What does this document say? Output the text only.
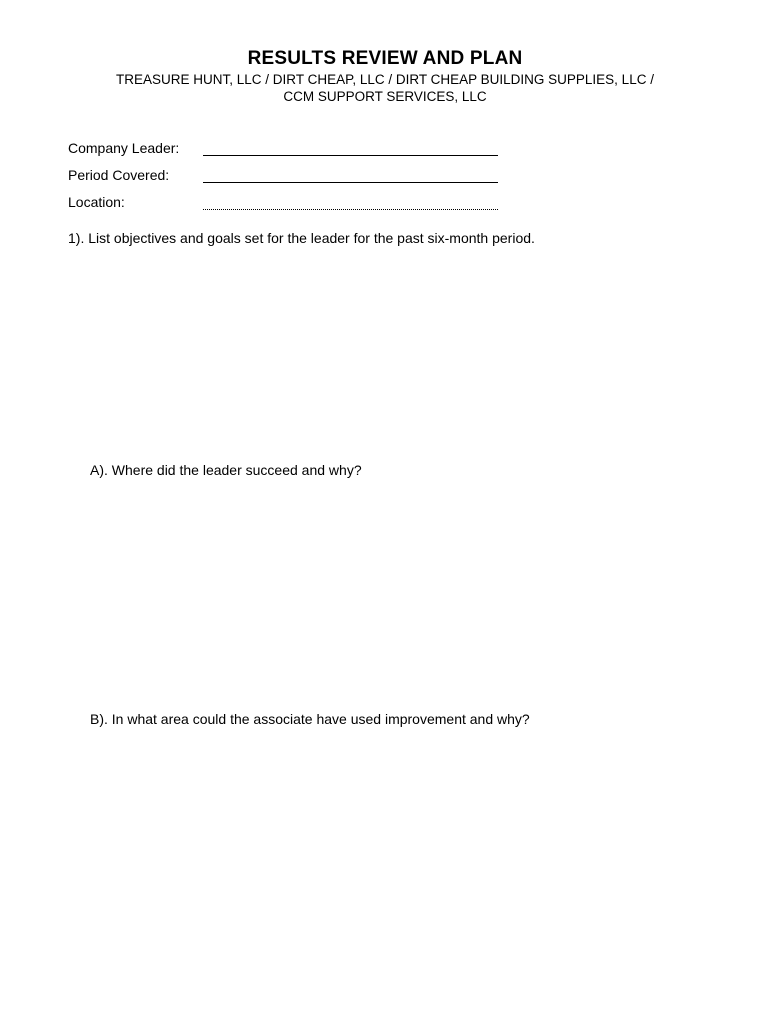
RESULTS REVIEW AND PLAN
TREASURE HUNT, LLC / DIRT CHEAP, LLC / DIRT CHEAP BUILDING SUPPLIES, LLC /
CCM SUPPORT SERVICES, LLC
Company Leader:
Period Covered:
Location:
1). List objectives and goals set for the leader for the past six-month period.
A). Where did the leader succeed and why?
B). In what area could the associate have used improvement and why?
